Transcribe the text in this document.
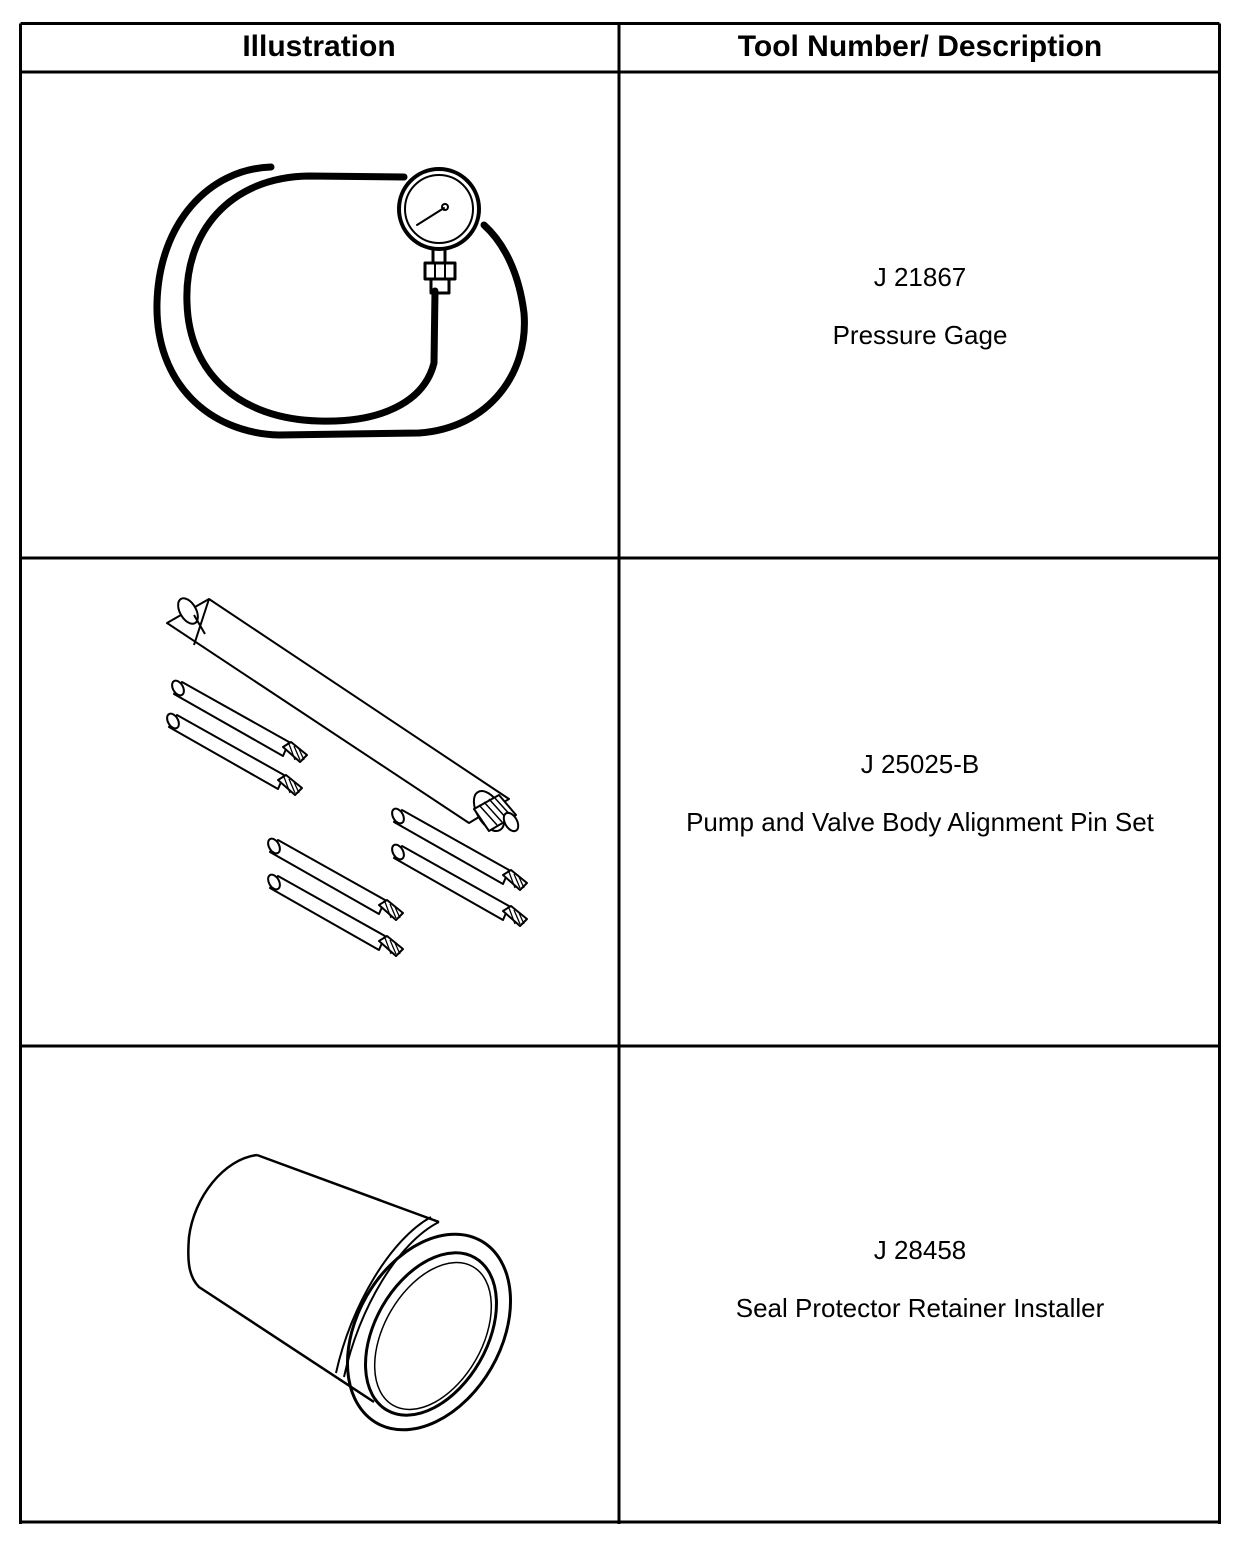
Illustration	Tool Number/ Description
J 21867
Pressure Gage
J 25025-B
Pump and Valve Body Alignment Pin Set
J 28458
Seal Protector Retainer Installer
